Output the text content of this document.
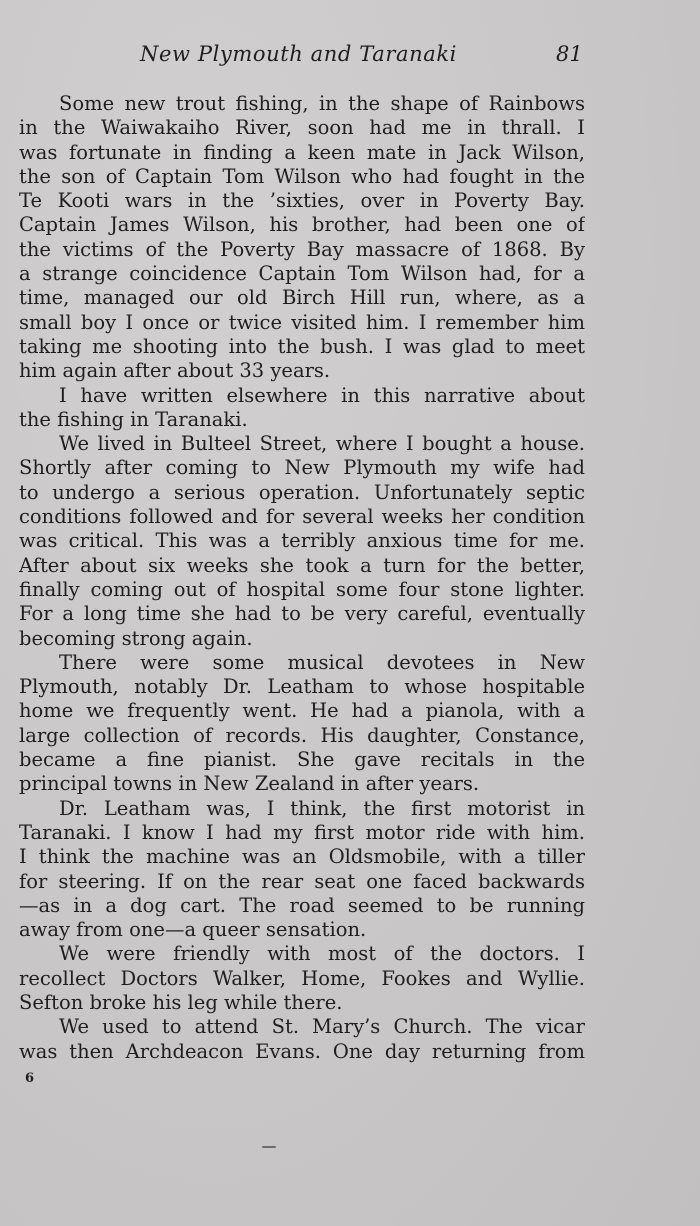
New Plymouth and Taranaki	81
Some new trout fishing, in the shape of Rainbows
in the Waiwakaiho River, soon had me in thrall. I
was fortunate in finding a keen mate in Jack Wilson,
the son of Captain Tom Wilson who had fought in the
Te Kooti wars in the ’sixties, over in Poverty Bay.
Captain James Wilson, his brother, had been one of
the victims of the Poverty Bay massacre of 1868. By
a strange coincidence Captain Tom Wilson had, for a
time, managed our old Birch Hill run, where, as a
small boy I once or twice visited him. I remember him
taking me shooting into the bush. I was glad to meet
him again after about 33 years.
I have written elsewhere in this narrative about
the fishing in Taranaki.
We lived in Bulteel Street, where I bought a house.
Shortly after coming to New Plymouth my wife had
to undergo a serious operation. Unfortunately septic
conditions followed and for several weeks her condition
was critical. This was a terribly anxious time for me.
After about six weeks she took a turn for the better,
finally coming out of hospital some four stone lighter.
For a long time she had to be very careful, eventually
becoming strong again.
There were some musical devotees in New
Plymouth, notably Dr. Leatham to whose hospitable
home we frequently went. He had a pianola, with a
large collection of records. His daughter, Constance,
became a fine pianist. She gave recitals in the
principal towns in New Zealand in after years.
Dr. Leatham was, I think, the first motorist in
Taranaki. I know I had my first motor ride with him.
I think the machine was an Oldsmobile, with a tiller
for steering. If on the rear seat one faced backwards
—as in a dog cart. The road seemed to be running
away from one—a queer sensation.
We were friendly with most of the doctors. I
recollect Doctors Walker, Home, Fookes and Wyllie.
Sefton broke his leg while there.
We used to attend St. Mary’s Church. The vicar
was then Archdeacon Evans. One day returning from
6
